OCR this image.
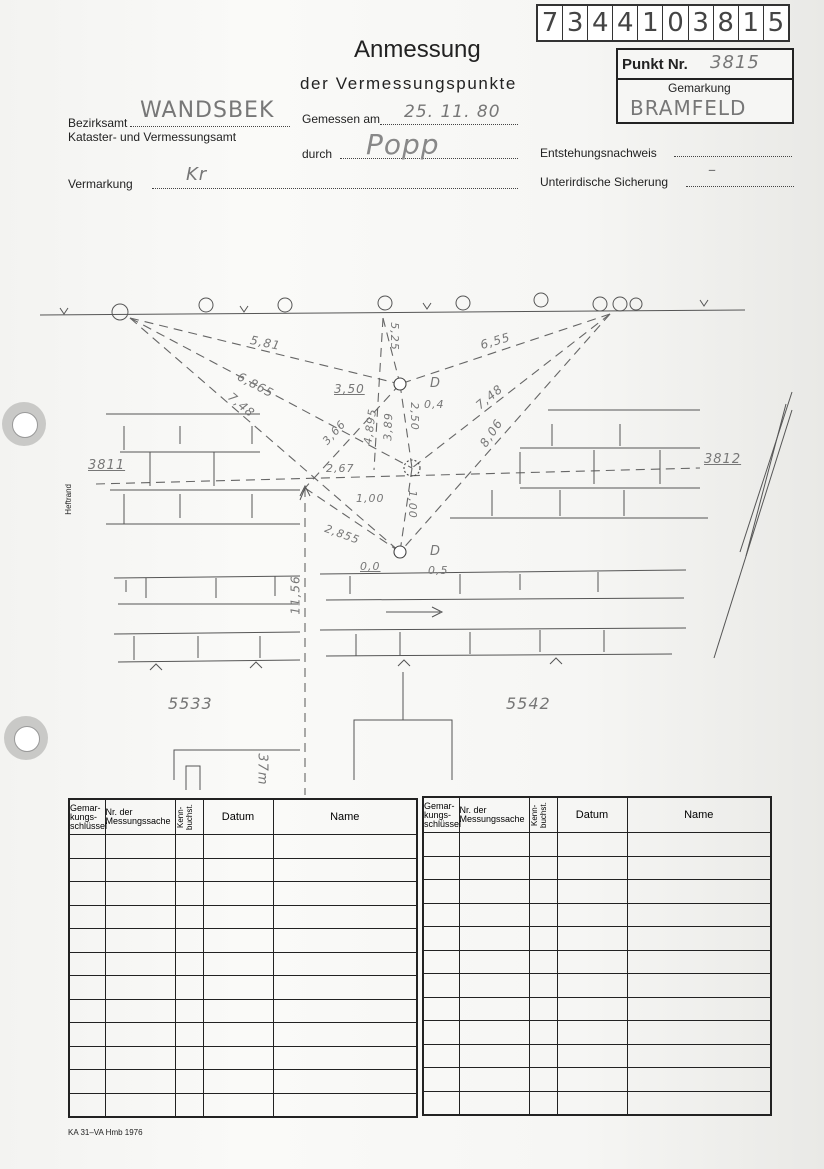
7 3 4 4 1 0 3 8 1 5
Anmessung
der Vermessungspunkte
Punkt Nr. 3815
Gemarkung
BRAMFELD
Bezirksamt WANDSBEK
Kataster- und Vermessungsamt
Gemessen am 25. 11. 80
durch Popp	Entstehungsnachweis
Vermarkung	Kr	Unterirdische Sicherung
–
Heftrand
3811	3812
5533	5542
5,81
6,865
7,48
5,25	6,55
7,48
8,06
3,50
0,4
3,66 4,895 3,89 2,50
2,67
1,00 1,00
2,855
0,0	0,5
11,56
37m
D
D
Gemar-kungs-schlüssel	Nr. der Messungssache	Kenn-buchst.	Datum	Name

Gemar-kungs-schlüssel	Nr. der Messungssache	Kenn-buchst.	Datum	Name

KA 31–VA Hmb 1976
